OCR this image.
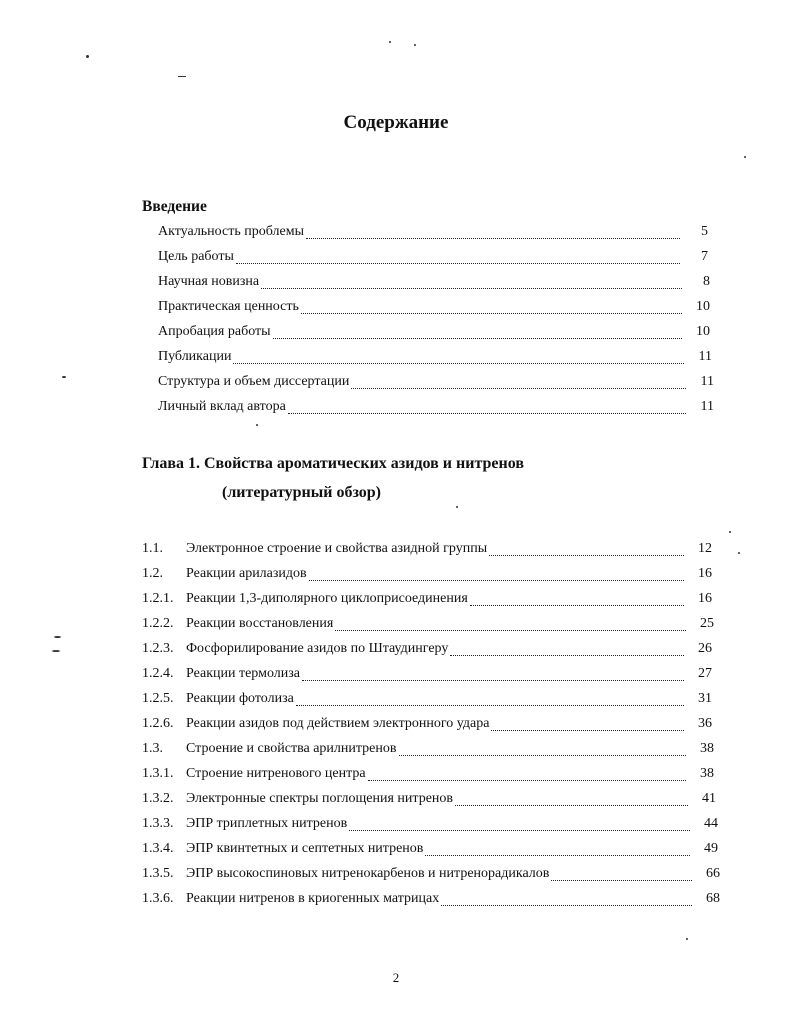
Содержание
Введение
Актуальность проблемы	5
Цель работы	7
Научная новизна	8
Практическая ценность	10
Апробация работы	10
Публикации	11
Структура и объем диссертации	11
Личный вклад автора	11
Глава 1. Свойства ароматических азидов и нитренов
(литературный обзор)
1.1.	Электронное строение и свойства азидной группы	12
1.2.	Реакции арилазидов	16
1.2.1. Реакции 1,3-диполярного циклоприсоединения	16
1.2.2. Реакции восстановления	25
1.2.3. Фосфорилирование азидов по Штаудингеру	26
1.2.4. Реакции термолиза	27
1.2.5. Реакции фотолиза	31
1.2.6. Реакции азидов под действием электронного удара	36
1.3.	Строение и свойства арилнитренов	38
1.3.1. Строение нитренового центра	38
1.3.2. Электронные спектры поглощения нитренов	41
1.3.3. ЭПР триплетных нитренов	44
1.3.4. ЭПР квинтетных и септетных нитренов	49
1.3.5. ЭПР высокоспиновых нитренокарбенов и нитренорадикалов	66
1.3.6. Реакции нитренов в криогенных матрицах	68

2
